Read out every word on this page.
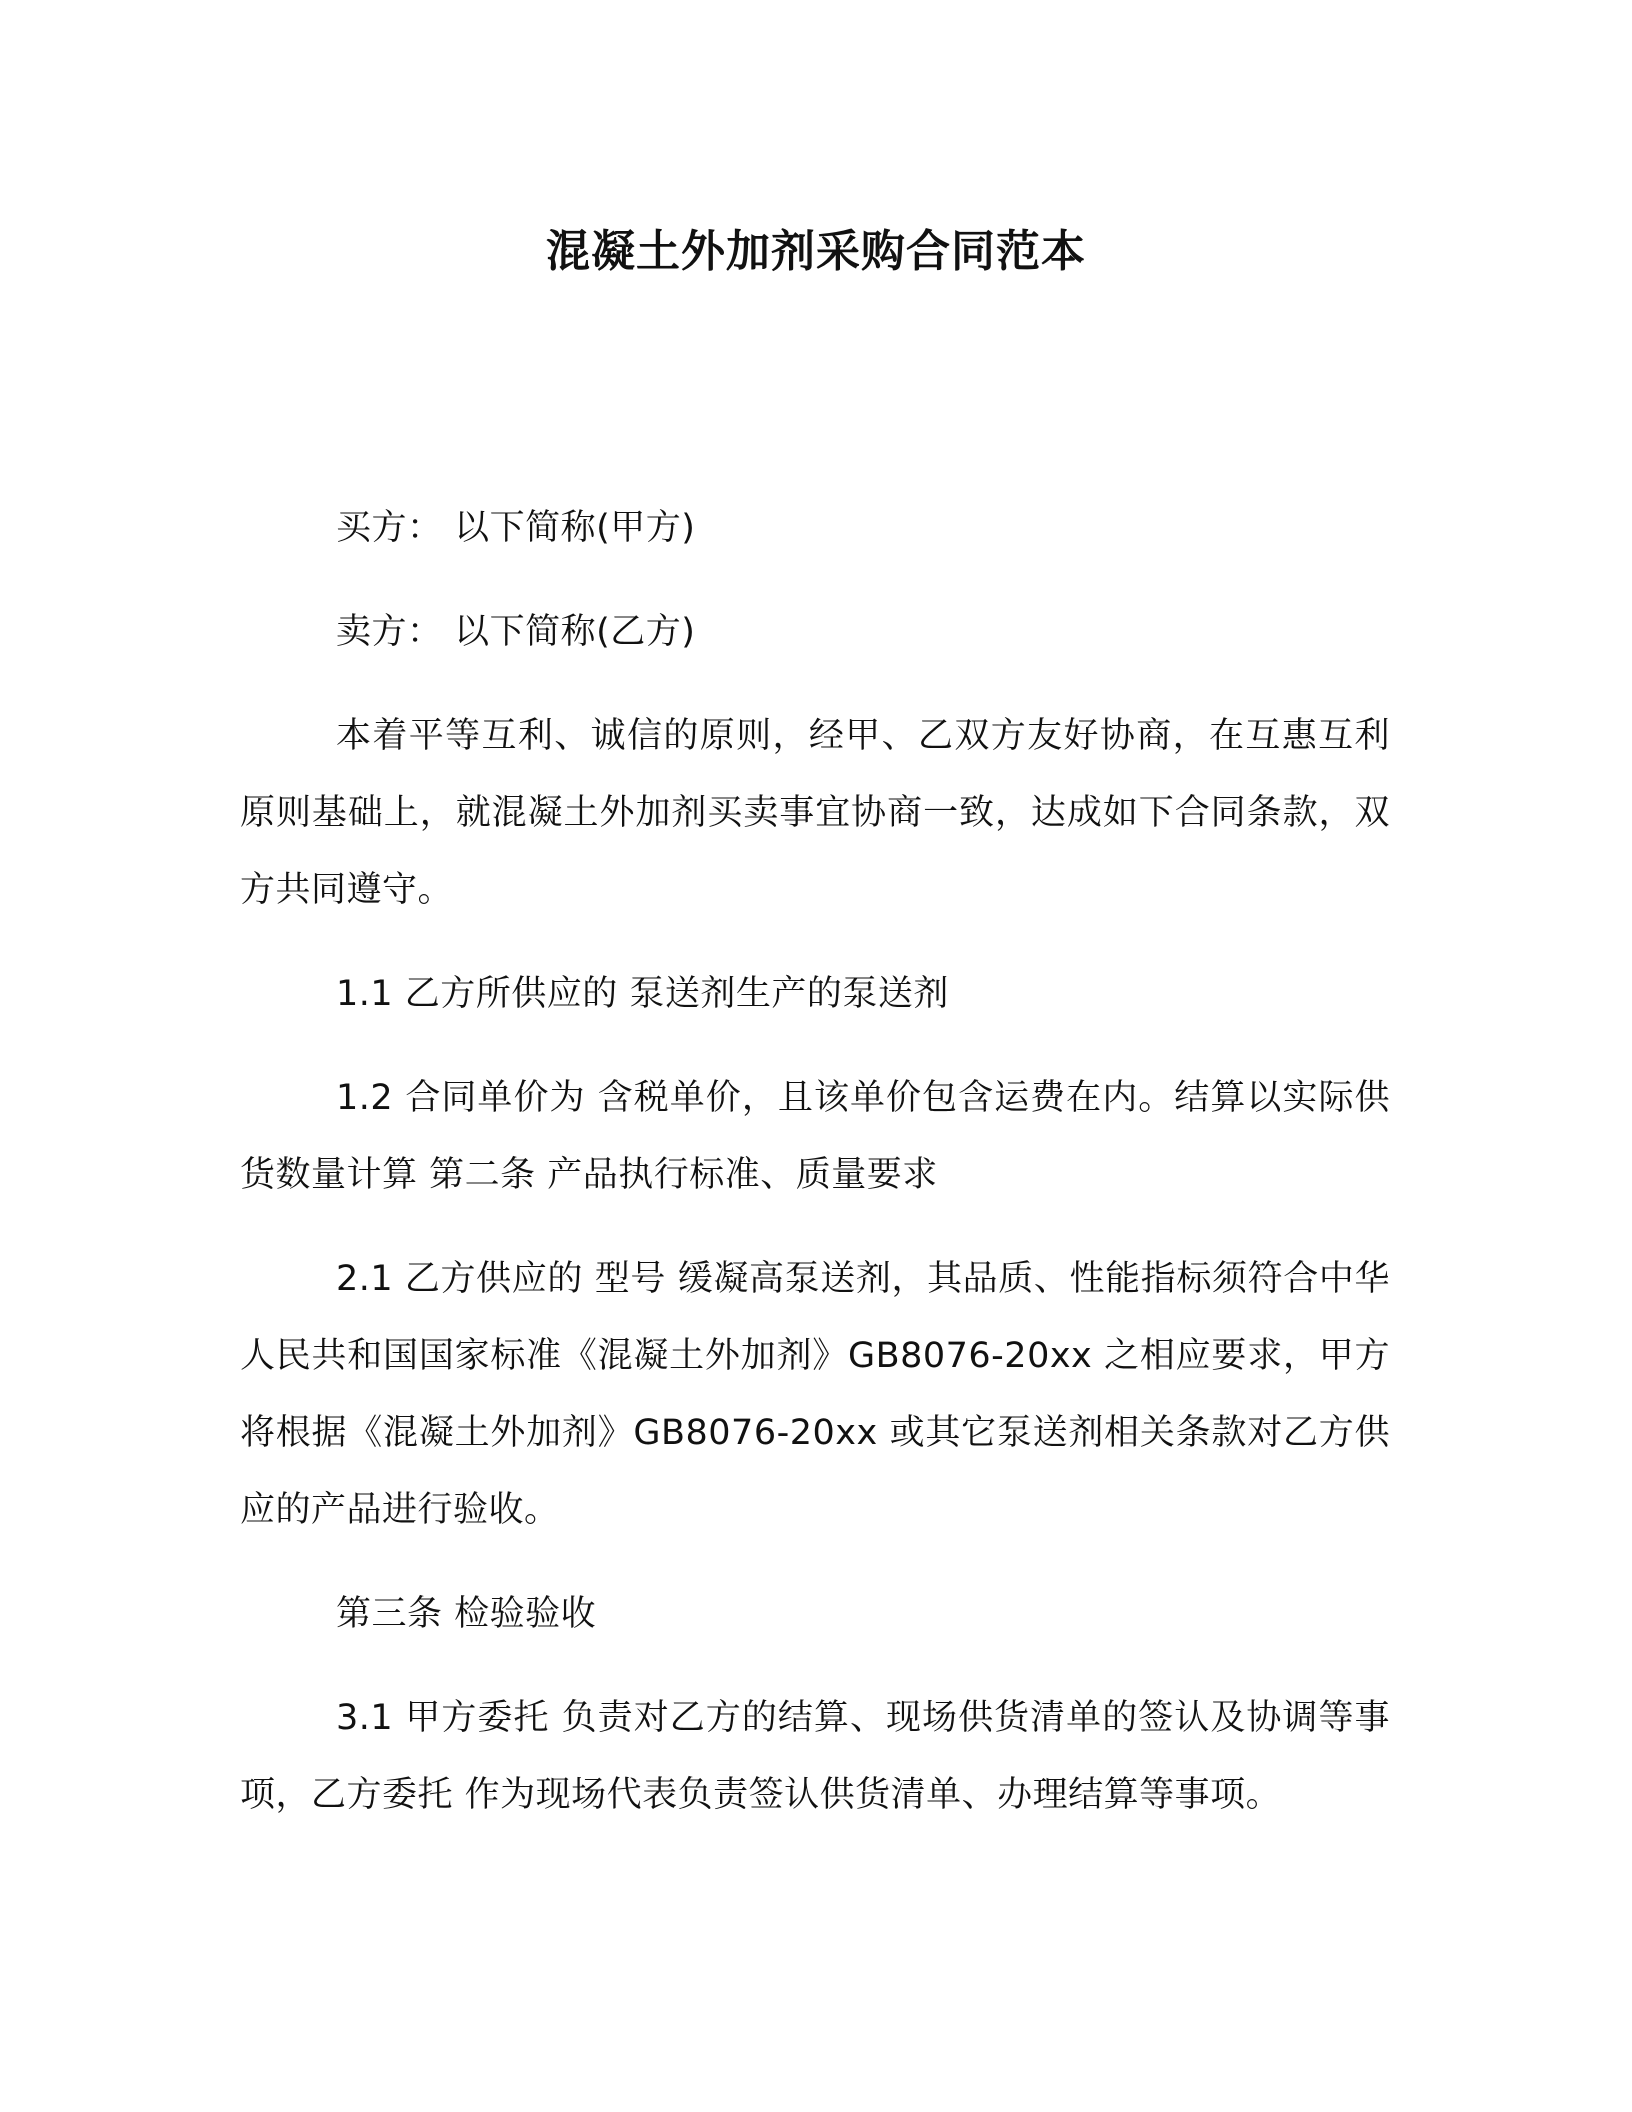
混凝土外加剂采购合同范本

买方： 以下简称(甲方)

卖方： 以下简称(乙方)

本着平等互利、诚信的原则，经甲、乙双方友好协商，在互惠互利原则基础上，就混凝土外加剂买卖事宜协商一致，达成如下合同条款，双方共同遵守。

1.1 乙方所供应的 泵送剂生产的泵送剂

1.2 合同单价为 含税单价，且该单价包含运费在内。结算以实际供货数量计算 第二条 产品执行标准、质量要求

2.1 乙方供应的 型号 缓凝高泵送剂，其品质、性能指标须符合中华人民共和国国家标准《混凝土外加剂》GB8076-20xx 之相应要求，甲方将根据《混凝土外加剂》GB8076-20xx 或其它泵送剂相关条款对乙方供应的产品进行验收。

第三条 检验验收

3.1 甲方委托 负责对乙方的结算、现场供货清单的签认及协调等事项，乙方委托 作为现场代表负责签认供货清单、办理结算等事项。
